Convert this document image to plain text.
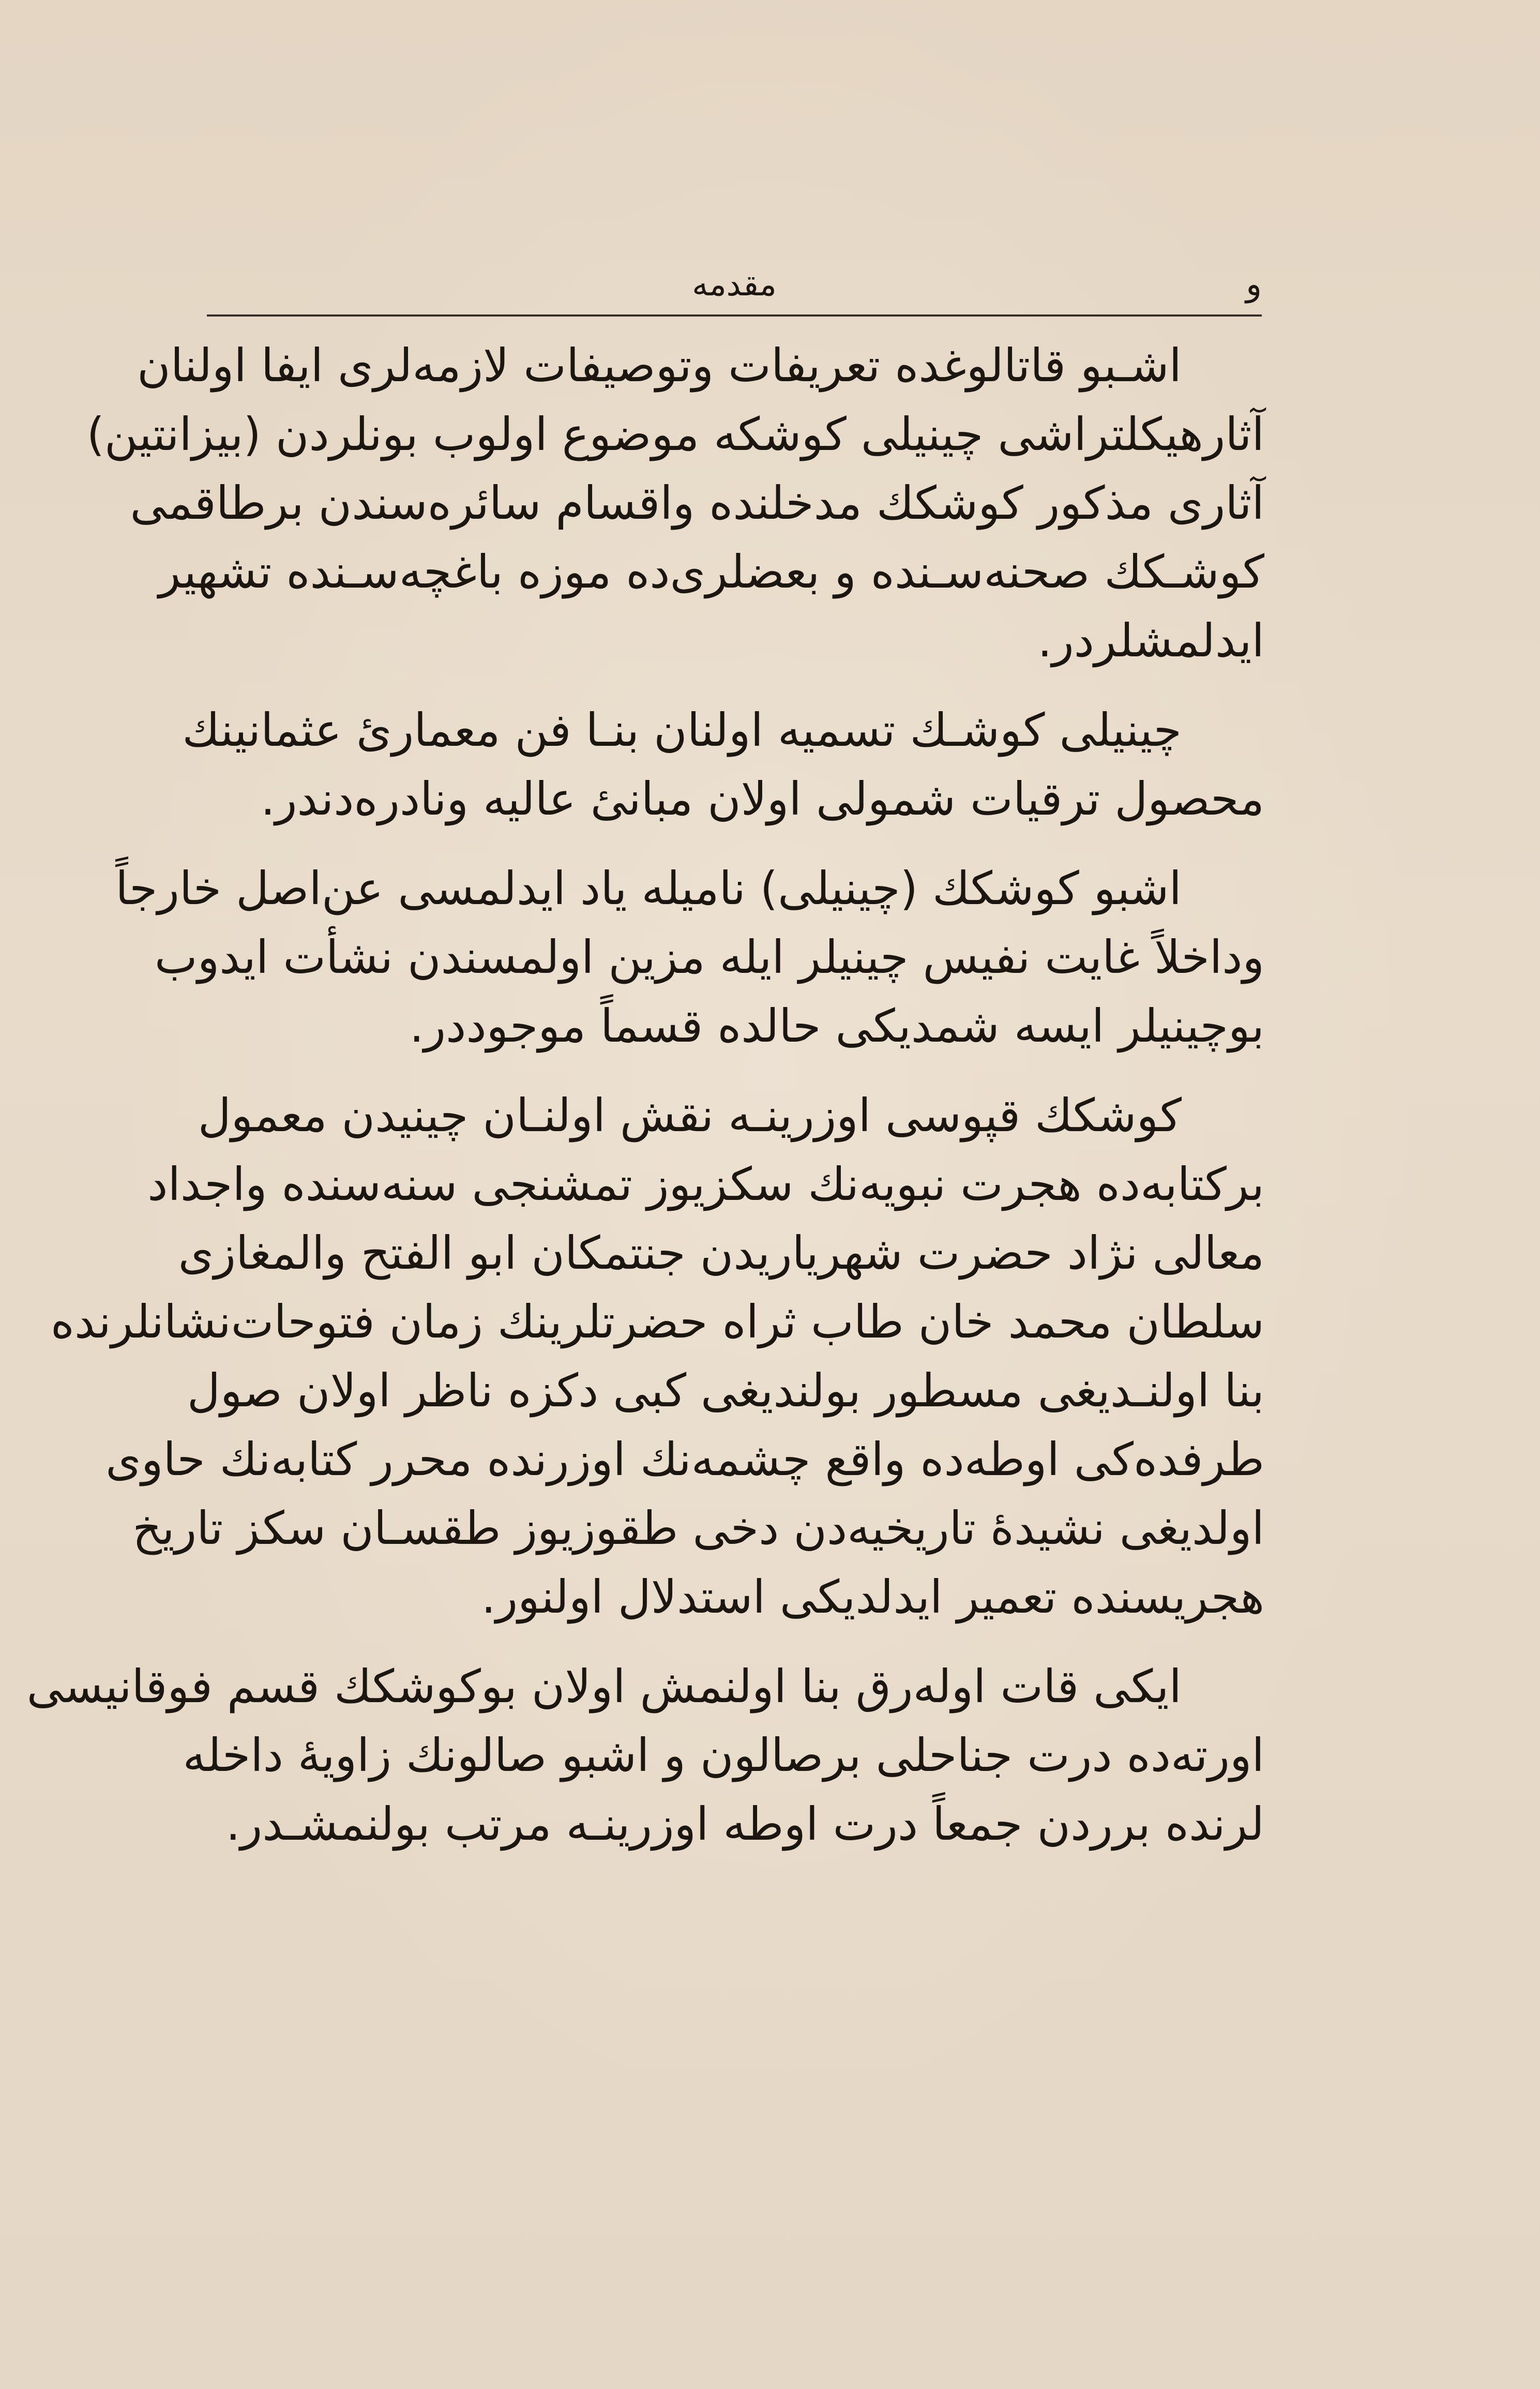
و
مقدمه
اشـبو قاتالوغده تعريفات وتوصيفات لازمه‌لرى ايفا اولنان
آثارهيكلتراشى چينيلى كوشكه موضوع اولوب بونلردن (بيزانتين)
آثارى مذكور كوشكك مدخلنده واقسام سائره‌سندن برطاقمى
كوشـكك صحنه‌سـنده و بعضلرى‌ده موزه باغچه‌سـنده تشهير
ايدلمشلردر.
چينيلى كوشـك تسميه اولنان بنـا فن معمارىٔ عثمانينك
محصول ترقيات شمولى اولان مبانىٔ عاليه ونادره‌دندر.
اشبو كوشكك (چينيلى) ناميله ياد ايدلمسى عن‌اصل خارجاً
وداخلاً غايت نفيس چينيلر ايله مزين اولمسندن نشأت ايدوب
بوچينيلر ايسه شمديكى حالده قسماً موجوددر.
كوشكك قپوسى اوزرينـه نقش اولنـان چينيدن معمول
بركتابه‌ده هجرت نبويه‌نك سكزيوز تمشنجى سنه‌سنده واجداد
معالى نژاد حضرت شهرياريدن جنتمكان ابو الفتح والمغازى
سلطان محمد خان طاب ثراه حضرتلرينك زمان فتوحات‌نشانلرنده
بنا اولنـديغى مسطور بولنديغى كبى دكزه ناظر اولان صول
طرفده‌كى اوطه‌ده واقع چشمه‌نك اوزرنده محرر كتابه‌نك حاوى
اولديغى نشيدهٔ تاريخيه‌دن دخى طقوزيوز طقسـان سكز تاريخ
هجريسنده تعمير ايدلديكى استدلال اولنور.
ايكى قات اوله‌رق بنا اولنمش اولان بوكوشكك قسم فوقانيسى
اورته‌ده درت جناحلى برصالون و اشبو صالونك زاويهٔ داخله‌
لرنده برردن جمعاً درت اوطه اوزرينـه مرتب بولنمشـدر.
